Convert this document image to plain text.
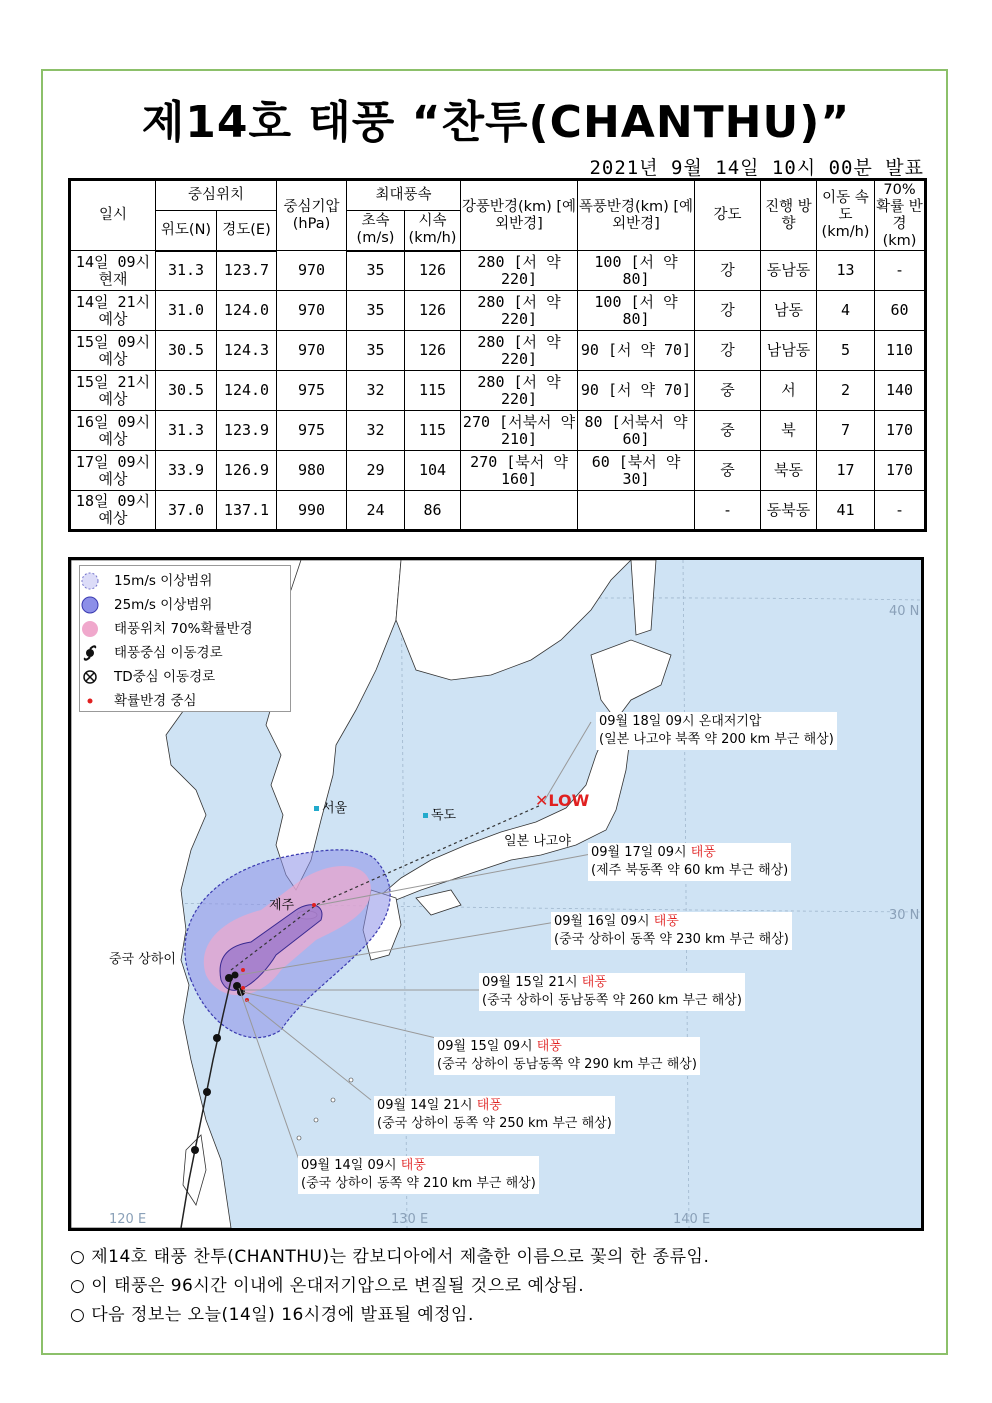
제14호 태풍 “찬투(CHANTHU)”
2021년 9월 14일 10시 00분 발표
일시	중심위치		중심기압 (hPa)	최대풍속		강풍반경(km) [예외반경]	폭풍반경(km) [예외반경]	강도	진행 방향	이동 속도 (km/h)	70% 확률 반경 (km)
	위도(N)	경도(E)		초속 (m/s)	시속 (km/h)						
14일 09시 현재	31.3	123.7	970	35	126	280 [서 약 220]	100 [서 약 80]	강	동남동	13	-
14일 21시 예상	31.0	124.0	970	35	126	280 [서 약 220]	100 [서 약 80]	강	남동	4	60
15일 09시 예상	30.5	124.3	970	35	126	280 [서 약 220]	90 [서 약 70]	강	남남동	5	110
15일 21시 예상	30.5	124.0	975	32	115	280 [서 약 220]	90 [서 약 70]	중	서	2	140
16일 09시 예상	31.3	123.9	975	32	115	270 [서북서 약 210]	80 [서북서 약 60]	중	북	7	170
17일 09시 예상	33.9	126.9	980	29	104	270 [북서 약 160]	60 [북서 약 30]	중	북동	17	170
18일 09시 예상	37.0	137.1	990	24	86			-	동북동	41	-
15m/s 이상범위
25m/s 이상범위
태풍위치 70%확률반경
태풍중심 이동경로
TD중심 이동경로
확률반경 중심
40 N
30 N
120 E	130 E	140 E
서울	독도
제주
중국 상하이
일본 나고야
✕LOW
09월 18일 09시 온대저기압
(일본 나고야 북쪽 약 200 km 부근 해상)
09월 17일 09시 태풍
(제주 북동쪽 약 60 km 부근 해상)
09월 16일 09시 태풍
(중국 상하이 동쪽 약 230 km 부근 해상)
09월 15일 21시 태풍
(중국 상하이 동남동쪽 약 260 km 부근 해상)
09월 15일 09시 태풍
(중국 상하이 동남동쪽 약 290 km 부근 해상)
09월 14일 21시 태풍
(중국 상하이 동쪽 약 250 km 부근 해상)
09월 14일 09시 태풍
(중국 상하이 동쪽 약 210 km 부근 해상)
○ 제14호 태풍 찬투(CHANTHU)는 캄보디아에서 제출한 이름으로 꽃의 한 종류임.
○ 이 태풍은 96시간 이내에 온대저기압으로 변질될 것으로 예상됨.
○ 다음 정보는 오늘(14일) 16시경에 발표될 예정임.
